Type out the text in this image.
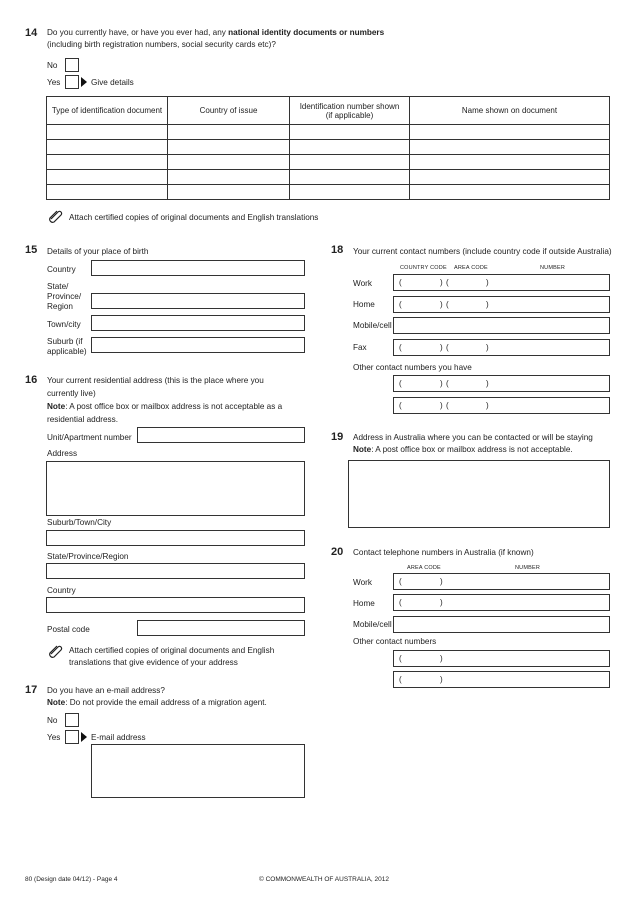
14 Do you currently have, or have you ever had, any national identity documents or numbers
(including birth registration numbers, social security cards etc)?
No
Yes	Give details
Type of identification document	Country of issue	Identification number shown (if applicable)	Name shown on document

Attach certified copies of original documents and English translations
15 Details of your place of birth
Country
State/ Province/ Region
Town/city
Suburb (if applicable)
16 Your current residential address (this is the place where you
currently live)
Note: A post office box or mailbox address is not acceptable as a
residential address.
Unit/Apartment number
Address
Suburb/Town/City
State/Province/Region
Country
Postal code
Attach certified copies of original documents and English
translations that give evidence of your address
17 Do you have an e-mail address?
Note: Do not provide the email address of a migration agent.
No
Yes	E-mail address
18 Your current contact numbers (include country code if outside Australia)
COUNTRY CODE AREA CODE	NUMBER
Work	(	) (	)
Home	(	) (	)
Mobile/cell
Fax	(	) (	)
Other contact numbers you have
(	) (	)
(	) (	)
19 Address in Australia where you can be contacted or will be staying
Note: A post office box or mailbox address is not acceptable.
20 Contact telephone numbers in Australia (if known)
AREA CODE	NUMBER
Work	(	)
Home	(	)
Mobile/cell
Other contact numbers
(	)
(	)
80 (Design date 04/12) - Page 4	© COMMONWEALTH OF AUSTRALIA, 2012
